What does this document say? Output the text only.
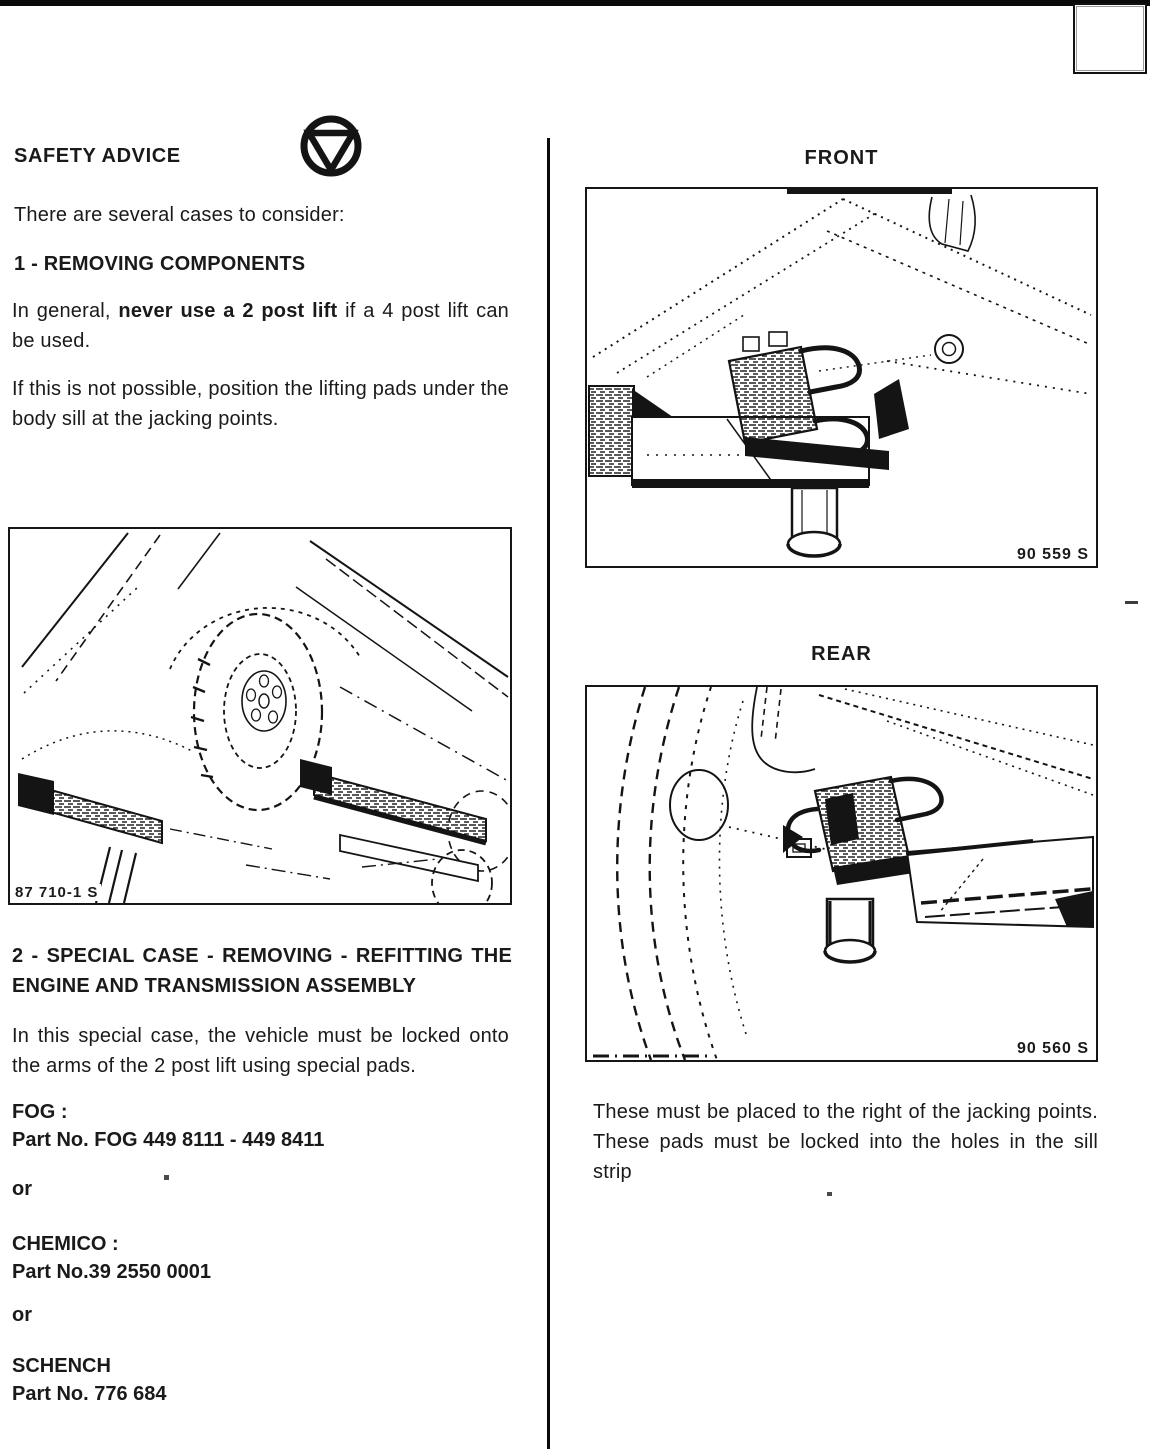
SAFETY ADVICE
There are several cases to consider:
1 - REMOVING COMPONENTS
In general, never use a 2 post lift if a 4 post lift can be used.
If this is not possible, position the lifting pads under the body sill at the jacking points.
87 710-1 S
2 - SPECIAL CASE - REMOVING - REFITTING THE ENGINE AND TRANSMISSION ASSEMBLY
In this special case, the vehicle must be locked onto the arms of the 2 post lift using special pads.
FOG :
Part No. FOG 449 8111 - 449 8411
or
CHEMICO :
Part No.39 2550 0001
or
SCHENCH
Part No. 776 684
FRONT
90 559 S
REAR
90 560 S
These must be placed to the right of the jacking points. These pads must be locked into the holes in the sill strip
